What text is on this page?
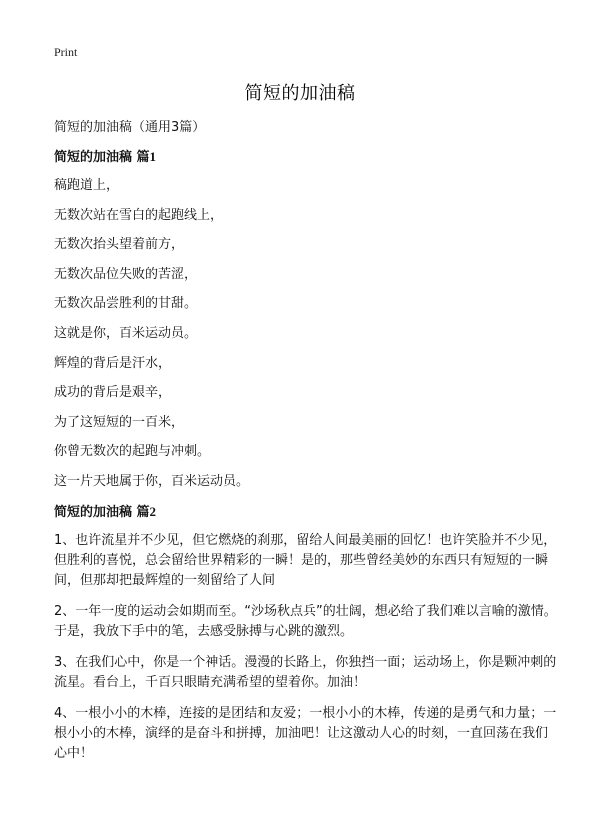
Print
简短的加油稿
简短的加油稿（通用3篇）
简短的加油稿 篇1
稿跑道上，
无数次站在雪白的起跑线上，
无数次抬头望着前方，
无数次品位失败的苦涩，
无数次品尝胜利的甘甜。
这就是你，百米运动员。
辉煌的背后是汗水，
成功的背后是艰辛，
为了这短短的一百米，
你曾无数次的起跑与冲刺。
这一片天地属于你，百米运动员。
简短的加油稿 篇2
1、也许流星并不少见，但它燃烧的刹那，留给人间最美丽的回忆！也许笑脸并不少见，但胜利的喜悦，总会留给世界精彩的一瞬！是的，那些曾经美妙的东西只有短短的一瞬间，但那却把最辉煌的一刻留给了人间
2、一年一度的运动会如期而至。“沙场秋点兵”的壮阔，想必给了我们难以言喻的激情。于是，我放下手中的笔，去感受脉搏与心跳的激烈。
3、在我们心中，你是一个神话。漫漫的长路上，你独挡一面；运动场上，你是颗冲刺的流星。看台上，千百只眼睛充满希望的望着你。加油！
4、一根小小的木棒，连接的是团结和友爱；一根小小的木棒，传递的是勇气和力量；一根小小的木棒，演绎的是奋斗和拼搏，加油吧！让这激动人心的时刻，一直回荡在我们心中！
